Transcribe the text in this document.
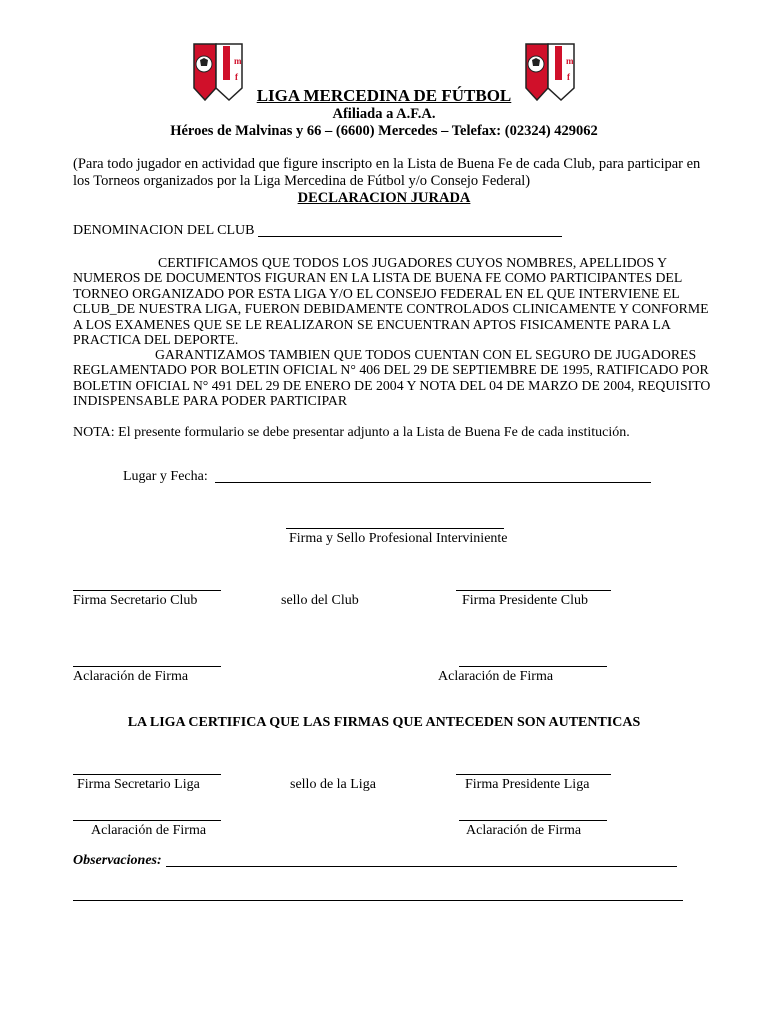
m
f
m
f
LIGA MERCEDINA DE FÚTBOL
Afiliada a A.F.A.
Héroes de Malvinas y 66 – (6600) Mercedes – Telefax: (02324) 429062
(Para todo jugador en actividad que figure inscripto en la Lista de Buena Fe de cada Club, para participar en los Torneos organizados por la Liga Mercedina de Fútbol y/o Consejo Federal)
DECLARACION JURADA
DENOMINACION DEL CLUB
CERTIFICAMOS QUE TODOS LOS JUGADORES CUYOS NOMBRES, APELLIDOS Y NUMEROS DE DOCUMENTOS FIGURAN EN LA LISTA DE BUENA FE COMO PARTICIPANTES DEL TORNEO ORGANIZADO POR ESTA LIGA Y/O EL CONSEJO FEDERAL EN EL QUE INTERVIENE EL CLUB_DE NUESTRA LIGA, FUERON DEBIDAMENTE CONTROLADOS CLINICAMENTE Y CONFORME A LOS EXAMENES QUE SE LE REALIZARON SE ENCUENTRAN APTOS FISICAMENTE PARA LA PRACTICA DEL DEPORTE.
GARANTIZAMOS TAMBIEN QUE TODOS CUENTAN CON EL SEGURO DE JUGADORES REGLAMENTADO POR BOLETIN OFICIAL N° 406 DEL 29 DE SEPTIEMBRE DE 1995, RATIFICADO POR BOLETIN OFICIAL N° 491 DEL 29 DE ENERO DE 2004 Y NOTA DEL 04 DE MARZO DE 2004, REQUISITO INDISPENSABLE PARA PODER PARTICIPAR
NOTA: El presente formulario se debe presentar adjunto a la Lista de Buena Fe de cada institución.
Lugar y Fecha:
Firma y Sello Profesional Interviniente
Firma Secretario Club	sello del Club	Firma Presidente Club
Aclaración de Firma	Aclaración de Firma
LA LIGA CERTIFICA QUE LAS FIRMAS QUE ANTECEDEN SON AUTENTICAS
Firma Secretario Liga	sello de la Liga	Firma Presidente Liga
Aclaración de Firma	Aclaración de Firma
Observaciones:
